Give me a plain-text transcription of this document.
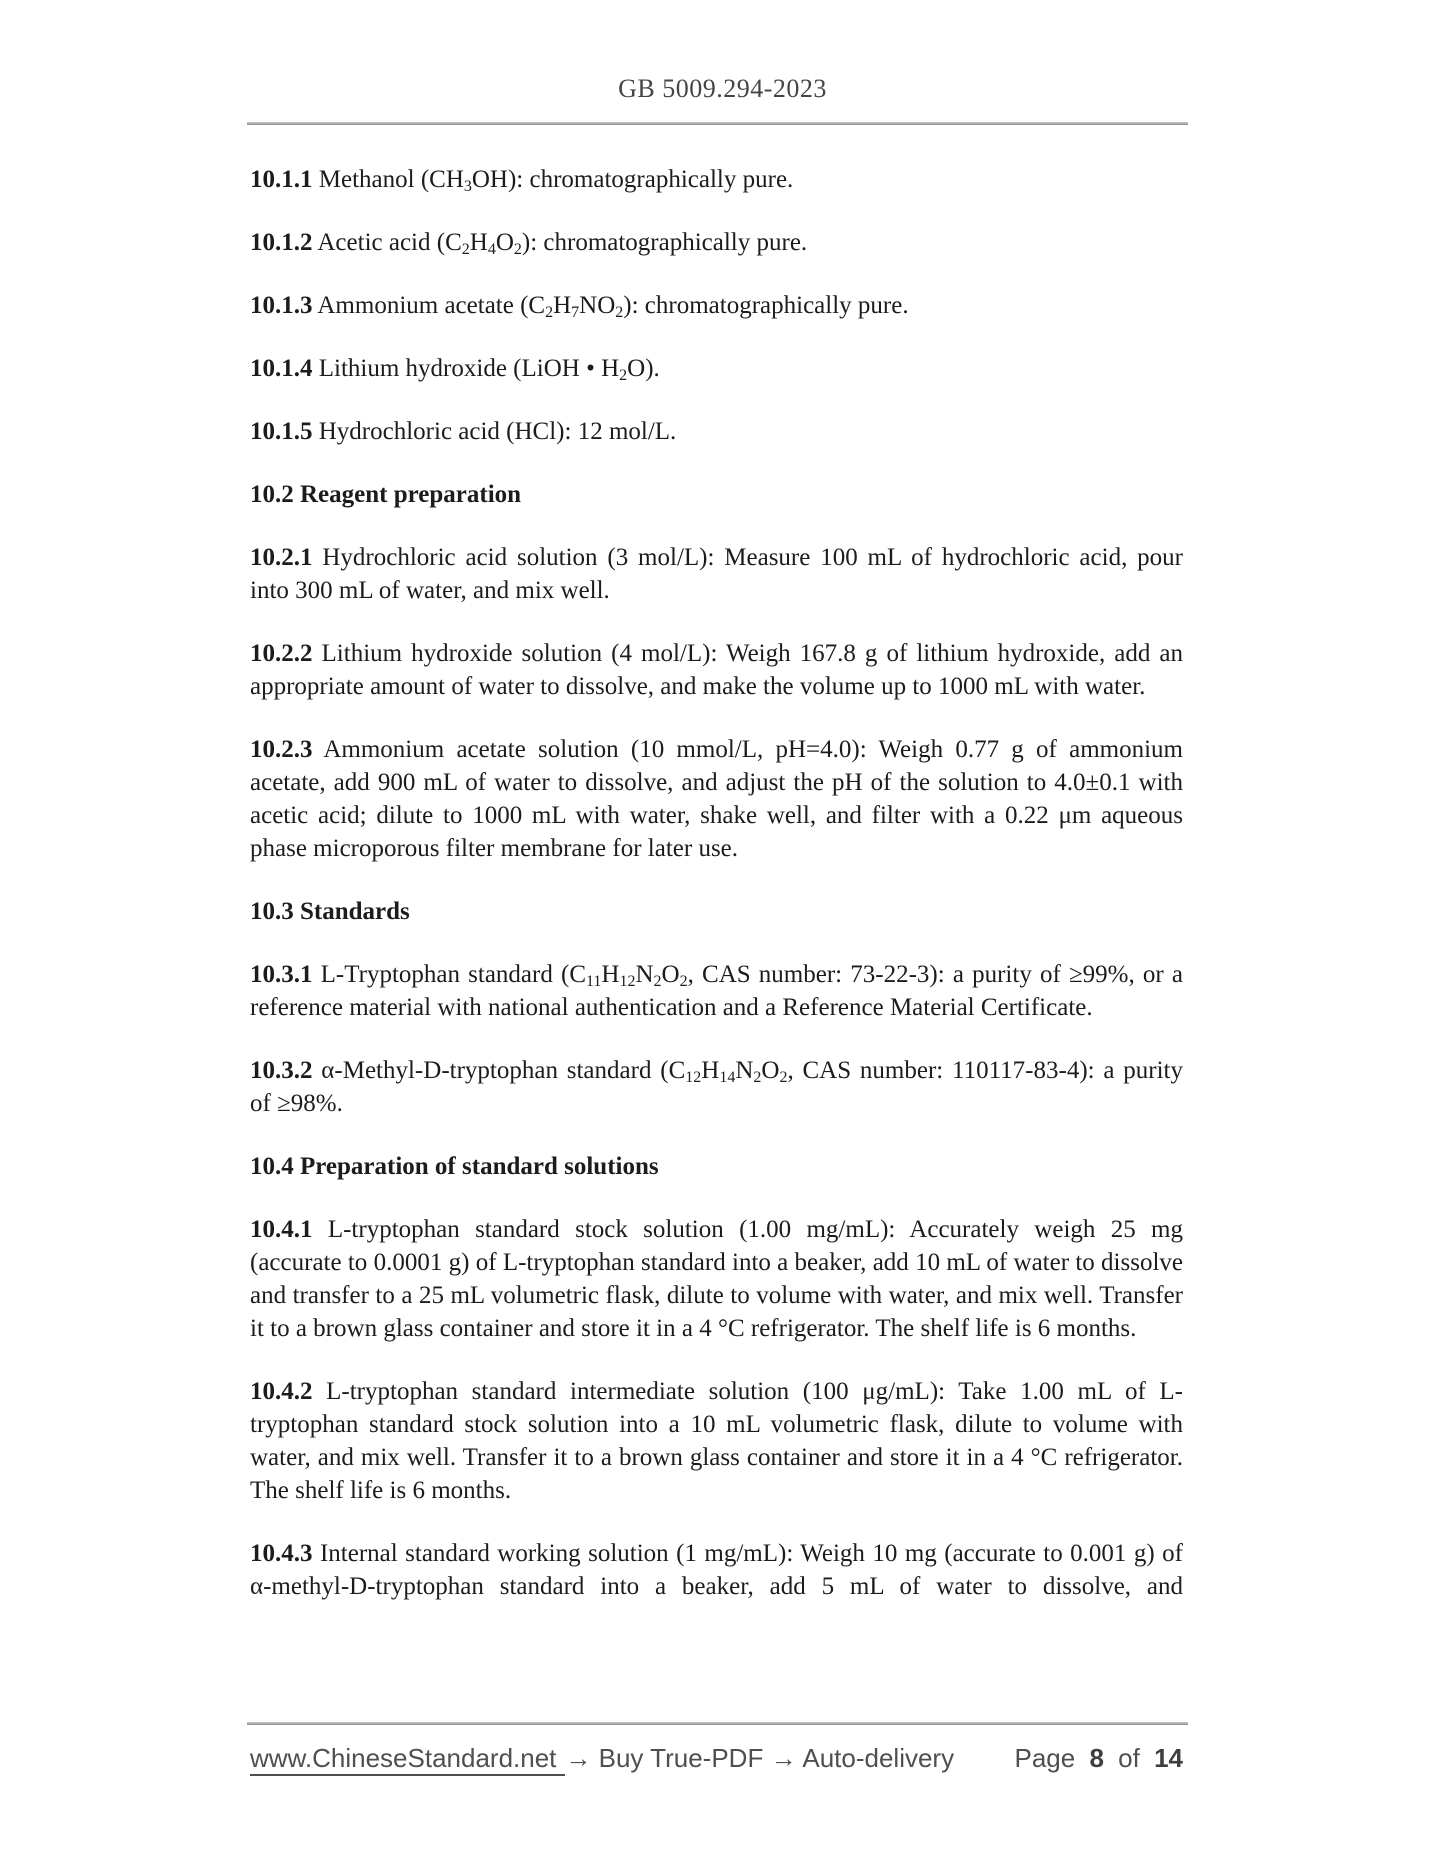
GB 5009.294-2023

10.1.1 Methanol $(CH_3OH)$: chromatographically pure.

10.1.2 Acetic acid $(C_2H_4O_2)$: chromatographically pure.

10.1.3 Ammonium acetate $(C_2H_7NO_2)$: chromatographically pure.

10.1.4 Lithium hydroxide (LiOH • $H_2O$).

10.1.5 Hydrochloric acid (HCl): 12 mol/L.

10.2 Reagent preparation

10.2.1 Hydrochloric acid solution (3 mol/L): Measure 100 mL of hydrochloric acid, pour into 300 mL of water, and mix well.

10.2.2 Lithium hydroxide solution (4 mol/L): Weigh 167.8 g of lithium hydroxide, add an appropriate amount of water to dissolve, and make the volume up to 1000 mL with water.

10.2.3 Ammonium acetate solution (10 mmol/L, pH=4.0): Weigh 0.77 g of ammonium acetate, add 900 mL of water to dissolve, and adjust the pH of the solution to 4.0±0.1 with acetic acid; dilute to 1000 mL with water, shake well, and filter with a 0.22 μm aqueous phase microporous filter membrane for later use.

10.3 Standards

10.3.1 L-Tryptophan standard ($C_{11}H_{12}N_2O_2$, CAS number: 73-22-3): a purity of ≥99%, or a reference material with national authentication and a Reference Material Certificate.

10.3.2 α-Methyl-D-tryptophan standard ($C_{12}H_{14}N_2O_2$, CAS number: 110117-83-4): a purity of ≥98%.

10.4 Preparation of standard solutions

10.4.1 L-tryptophan standard stock solution (1.00 mg/mL): Accurately weigh 25 mg (accurate to 0.0001 g) of L-tryptophan standard into a beaker, add 10 mL of water to dissolve and transfer to a 25 mL volumetric flask, dilute to volume with water, and mix well. Transfer it to a brown glass container and store it in a 4 °C refrigerator. The shelf life is 6 months.

10.4.2 L-tryptophan standard intermediate solution (100 μg/mL): Take 1.00 mL of L-tryptophan standard stock solution into a 10 mL volumetric flask, dilute to volume with water, and mix well. Transfer it to a brown glass container and store it in a 4 °C refrigerator. The shelf life is 6 months.

10.4.3 Internal standard working solution (1 mg/mL): Weigh 10 mg (accurate to 0.001 g) of α-methyl-D-tryptophan standard into a beaker, add 5 mL of water to dissolve, and

www.ChineseStandard.net → Buy True-PDF → Auto-delivery Page 8 of 14
